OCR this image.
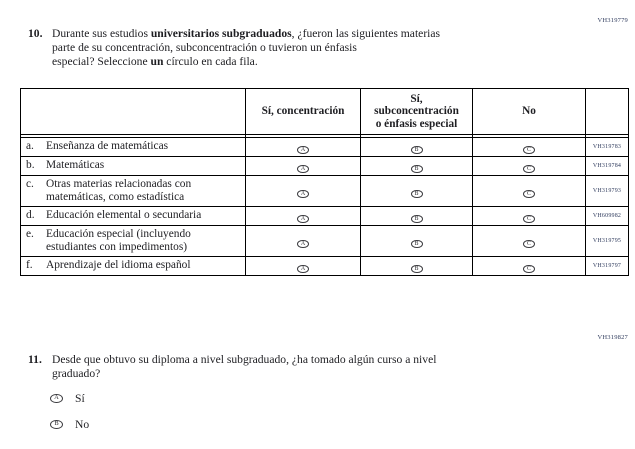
VH319779
10. Durante sus estudios universitarios subgraduados, ¿fueron las siguientes materias
parte de su concentración, subconcentración o tuvieron un énfasis
especial? Seleccione un círculo en cada fila.
	Sí, concentración	Sí,
subconcentración
o énfasis especial	No	

a. Enseñanza de matemáticas	A	B	C	VH319783

b. Matemáticas	A	B	C	VH319784

c. Otras materias relacionadas con matemáticas, como estadística	A	B	C	VH319793

d. Educación elemental o secundaria	A	B	C	VH609982

e. Educación especial (incluyendo estudiantes con impedimentos)	A	B	C	VH319795

f. Aprendizaje del idioma español	A	B	C	VH319797
VH319827
11. Desde que obtuvo su diploma a nivel subgraduado, ¿ha tomado algún curso a nivel
graduado?
A	Sí
B	No
